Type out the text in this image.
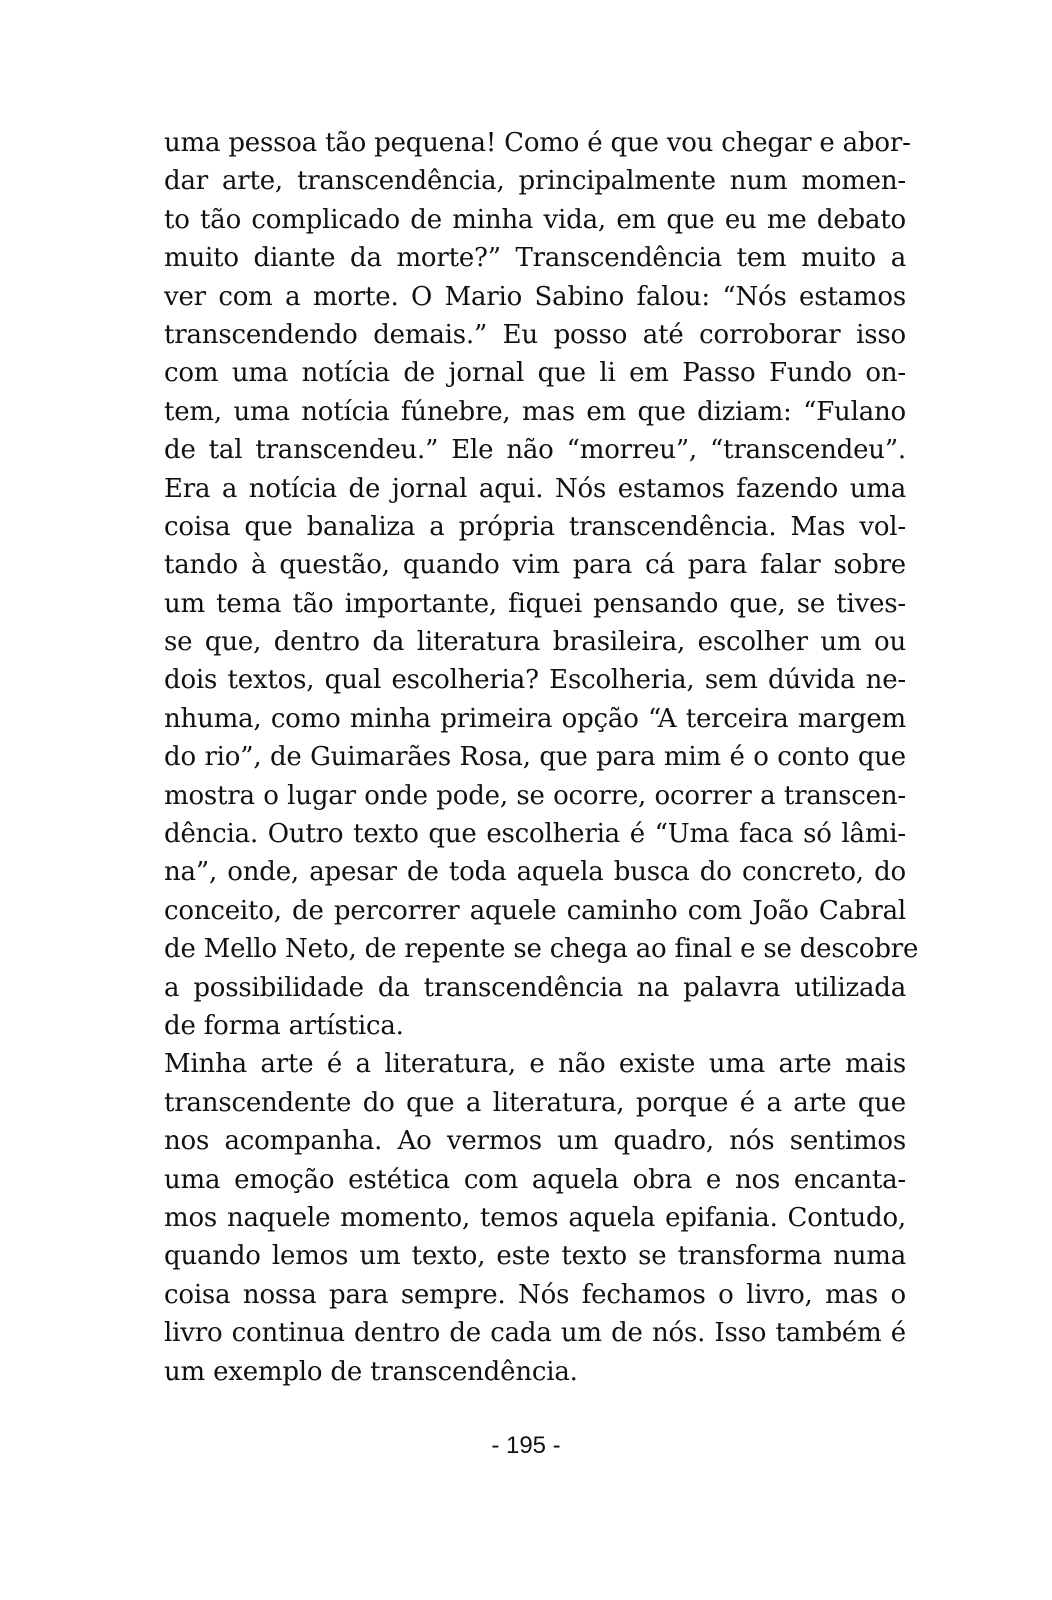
uma pessoa tão pequena! Como é que vou chegar e abor-
dar arte, transcendência, principalmente num momen-
to tão complicado de minha vida, em que eu me debato
muito diante da morte?” Transcendência tem muito a
ver com a morte. O Mario Sabino falou: “Nós estamos
transcendendo demais.” Eu posso até corroborar isso
com uma notícia de jornal que li em Passo Fundo on-
tem, uma notícia fúnebre, mas em que diziam: “Fulano
de tal transcendeu.” Ele não “morreu”, “transcendeu”.
Era a notícia de jornal aqui. Nós estamos fazendo uma
coisa que banaliza a própria transcendência. Mas vol-
tando à questão, quando vim para cá para falar sobre
um tema tão importante, fiquei pensando que, se tives-
se que, dentro da literatura brasileira, escolher um ou
dois textos, qual escolheria? Escolheria, sem dúvida ne-
nhuma, como minha primeira opção “A terceira margem
do rio”, de Guimarães Rosa, que para mim é o conto que
mostra o lugar onde pode, se ocorre, ocorrer a transcen-
dência. Outro texto que escolheria é “Uma faca só lâmi-
na”, onde, apesar de toda aquela busca do concreto, do
conceito, de percorrer aquele caminho com João Cabral
de Mello Neto, de repente se chega ao final e se descobre
a possibilidade da transcendência na palavra utilizada
de forma artística.
Minha arte é a literatura, e não existe uma arte mais
transcendente do que a literatura, porque é a arte que
nos acompanha. Ao vermos um quadro, nós sentimos
uma emoção estética com aquela obra e nos encanta-
mos naquele momento, temos aquela epifania. Contudo,
quando lemos um texto, este texto se transforma numa
coisa nossa para sempre. Nós fechamos o livro, mas o
livro continua dentro de cada um de nós. Isso também é
um exemplo de transcendência.
- 195 -
